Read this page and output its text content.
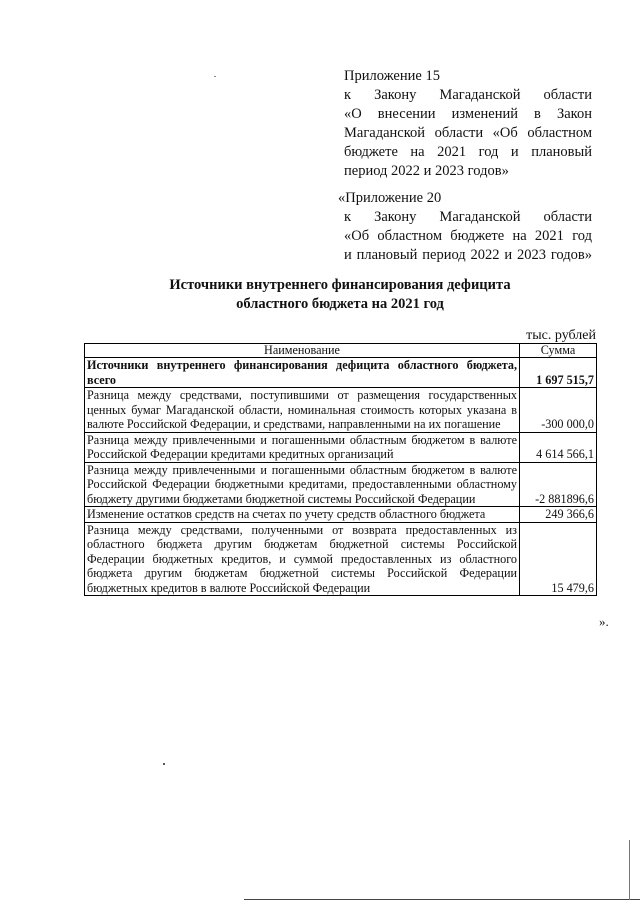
Приложение 15
к Закону Магаданской области
«О внесении изменений в Закон
Магаданской области «Об областном
бюджете на 2021 год и плановый
период 2022 и 2023 годов»
«Приложение 20
к Закону Магаданской области
«Об областном бюджете на 2021 год
и плановый период 2022 и 2023 годов»
Источники внутреннего финансирования дефицита
областного бюджета на 2021 год
тыс. рублей
Наименование	Сумма
Источники внутреннего финансирования дефицита областного бюджета, всего	1 697 515,7
Разница между средствами, поступившими от размещения государственных ценных бумаг Магаданской области, номинальная стоимость которых указана в валюте Российской Федерации, и средствами, направленными на их погашение	-300 000,0
Разница между привлеченными и погашенными областным бюджетом в валюте Российской Федерации кредитами кредитных организаций	4 614 566,1
Разница между привлеченными и погашенными областным бюджетом в валюте Российской Федерации бюджетными кредитами, предоставленными областному бюджету другими бюджетами бюджетной системы Российской Федерации	-2 881896,6
Изменение остатков средств на счетах по учету средств областного бюджета	249 366,6
Разница между средствами, полученными от возврата предоставленных из областного бюджета другим бюджетам бюджетной системы Российской Федерации бюджетных кредитов, и суммой предоставленных из областного бюджета другим бюджетам бюджетной системы Российской Федерации бюджетных кредитов в валюте Российской Федерации	15 479,6
».
